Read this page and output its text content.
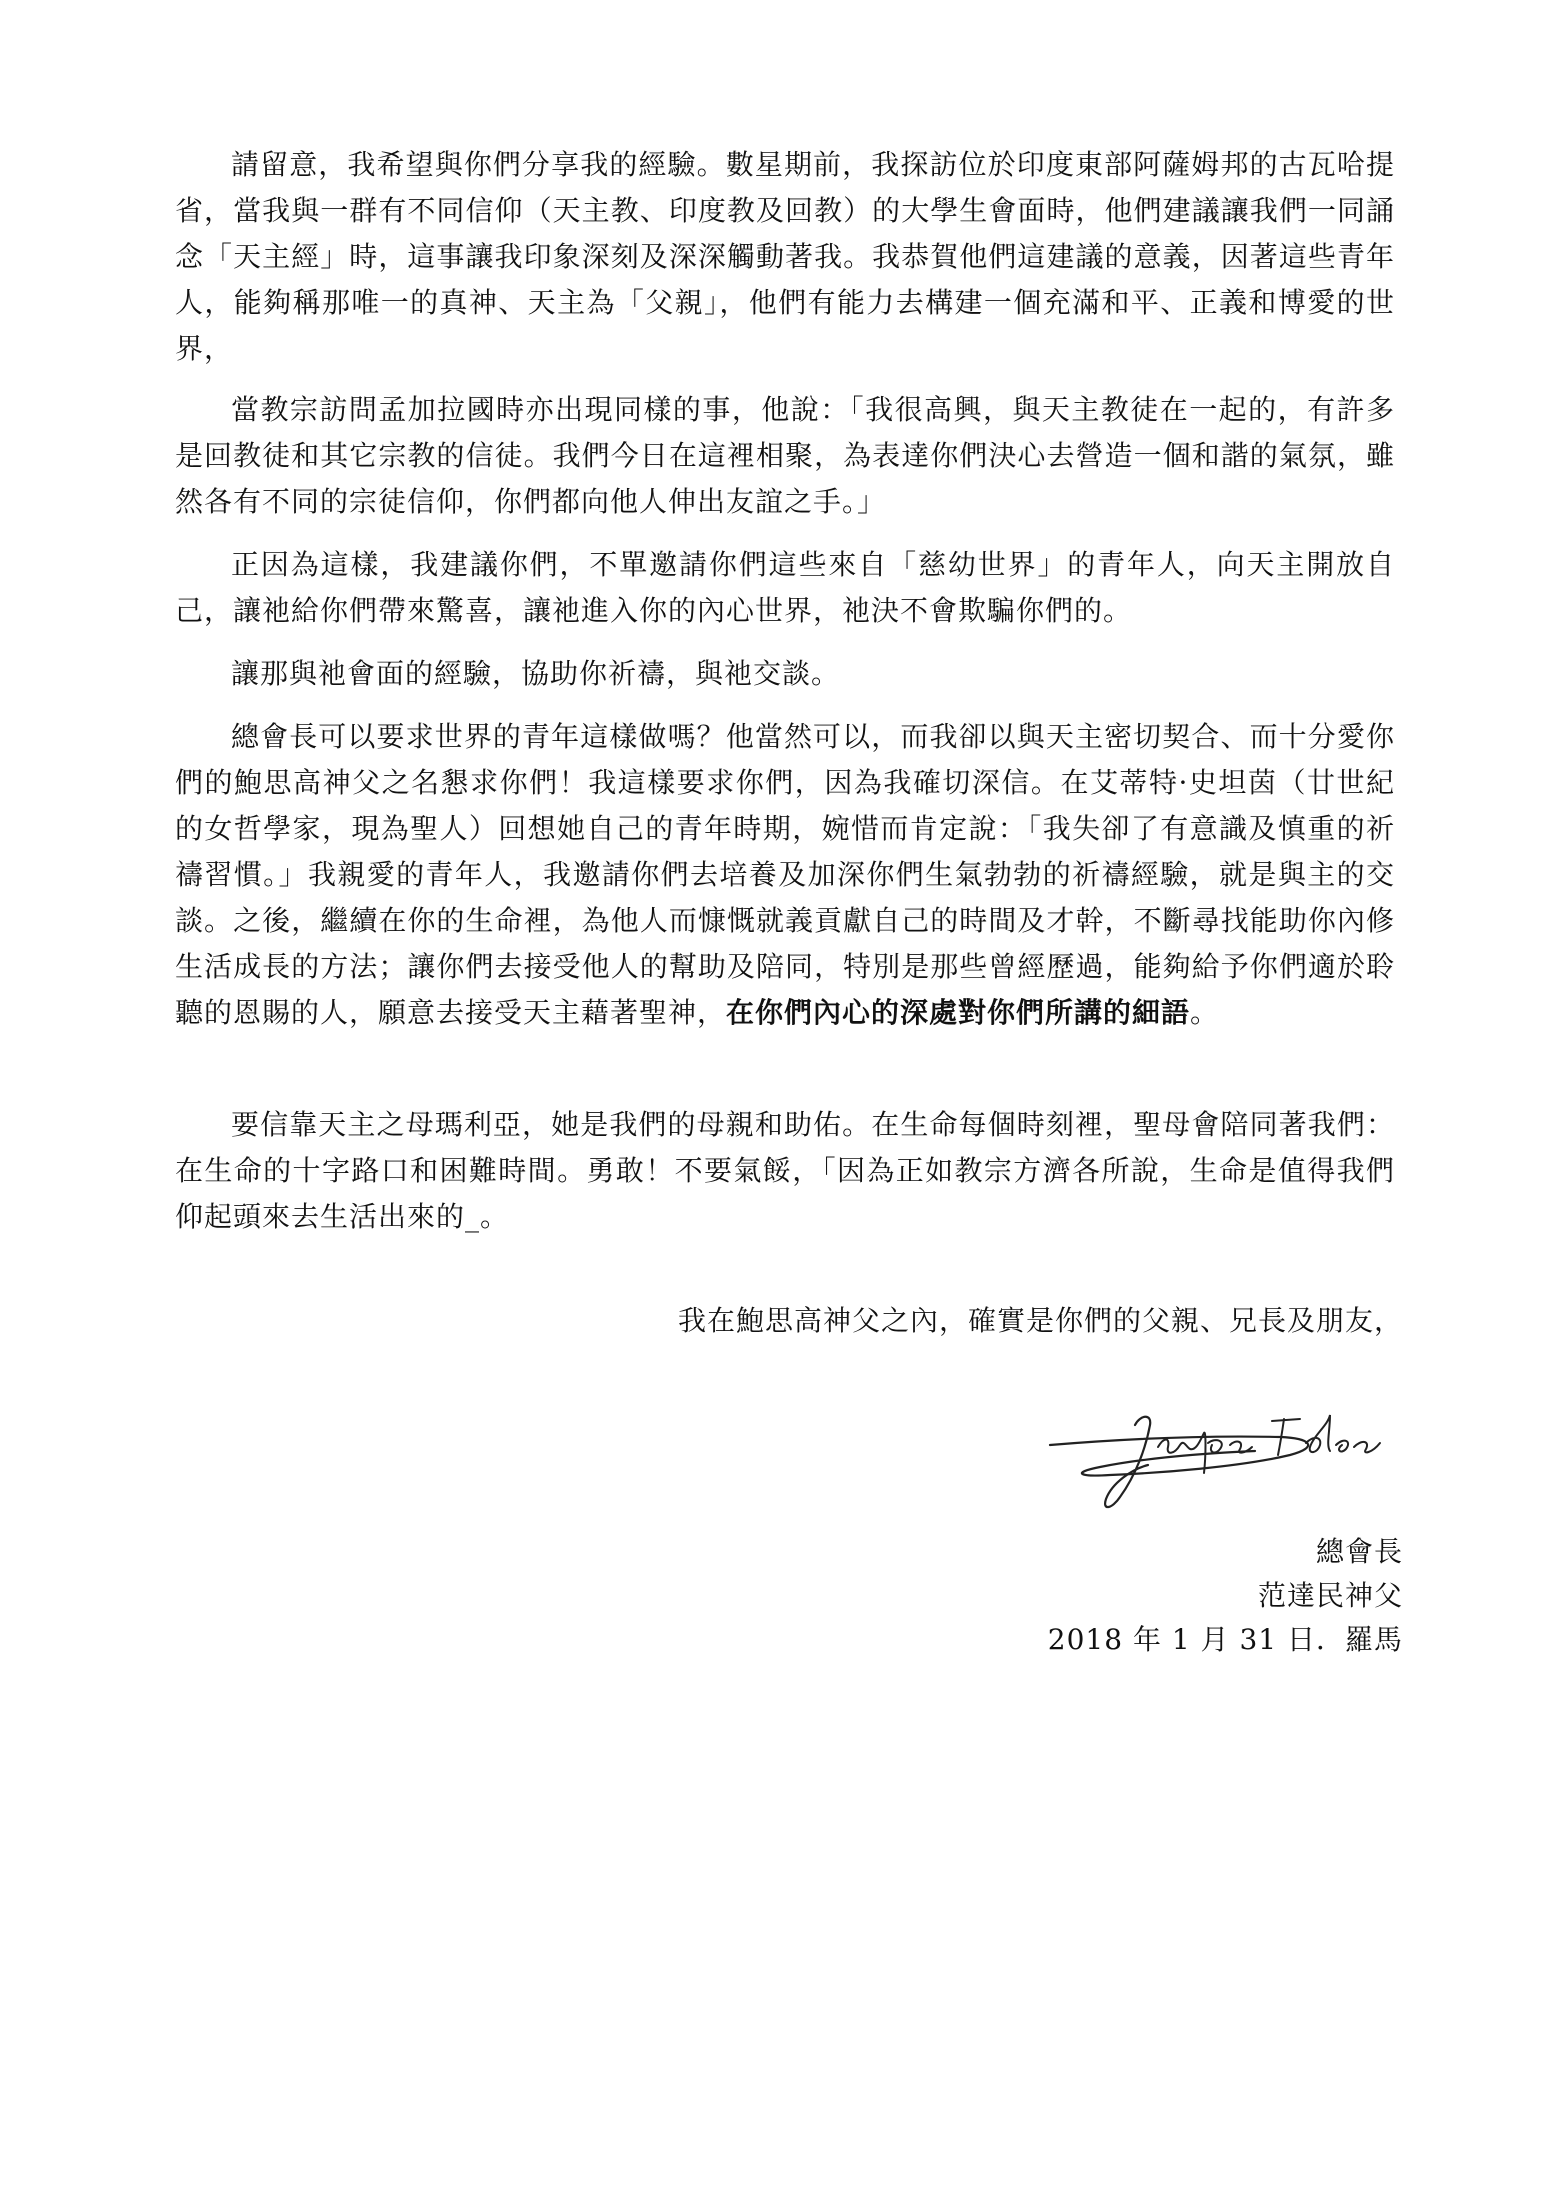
請留意，我希望與你們分享我的經驗。數星期前，我探訪位於印度東部阿薩姆邦的古瓦哈提省，當我與一群有不同信仰（天主教、印度教及回教）的大學生會面時，他們建議讓我們一同誦念「天主經」時，這事讓我印象深刻及深深觸動著我。我恭賀他們這建議的意義，因著這些青年人，能夠稱那唯一的真神、天主為「父親」，他們有能力去構建一個充滿和平、正義和博愛的世界，

當教宗訪問孟加拉國時亦出現同樣的事，他說：「我很高興，與天主教徒在一起的，有許多是回教徒和其它宗教的信徒。我們今日在這裡相聚，為表達你們決心去營造一個和諧的氣氛，雖然各有不同的宗徒信仰，你們都向他人伸出友誼之手。」

正因為這樣，我建議你們，不單邀請你們這些來自「慈幼世界」的青年人，向天主開放自己，讓祂給你們帶來驚喜，讓祂進入你的內心世界，祂決不會欺騙你們的。

讓那與祂會面的經驗，協助你祈禱，與祂交談。

總會長可以要求世界的青年這樣做嗎？他當然可以，而我卻以與天主密切契合、而十分愛你們的鮑思高神父之名懇求你們！我這樣要求你們，因為我確切深信。在艾蒂特·史坦茵（廿世紀的女哲學家，現為聖人）回想她自己的青年時期，婉惜而肯定說：「我失卻了有意識及慎重的祈禱習慣。」我親愛的青年人，我邀請你們去培養及加深你們生氣勃勃的祈禱經驗，就是與主的交談。之後，繼續在你的生命裡，為他人而慷慨就義貢獻自己的時間及才幹，不斷尋找能助你內修生活成長的方法；讓你們去接受他人的幫助及陪同，特別是那些曾經歷過，能夠給予你們適於聆聽的恩賜的人，願意去接受天主藉著聖神，在你們內心的深處對你們所講的細語。

要信靠天主之母瑪利亞，她是我們的母親和助佑。在生命每個時刻裡，聖母會陪同著我們：在生命的十字路口和困難時間。勇敢！不要氣餒，「因為正如教宗方濟各所說，生命是值得我們仰起頭來去生活出來的_。

我在鮑思高神父之內，確實是你們的父親、兄長及朋友，

總會長
范達民神父
2018 年 1 月 31 日．羅馬
